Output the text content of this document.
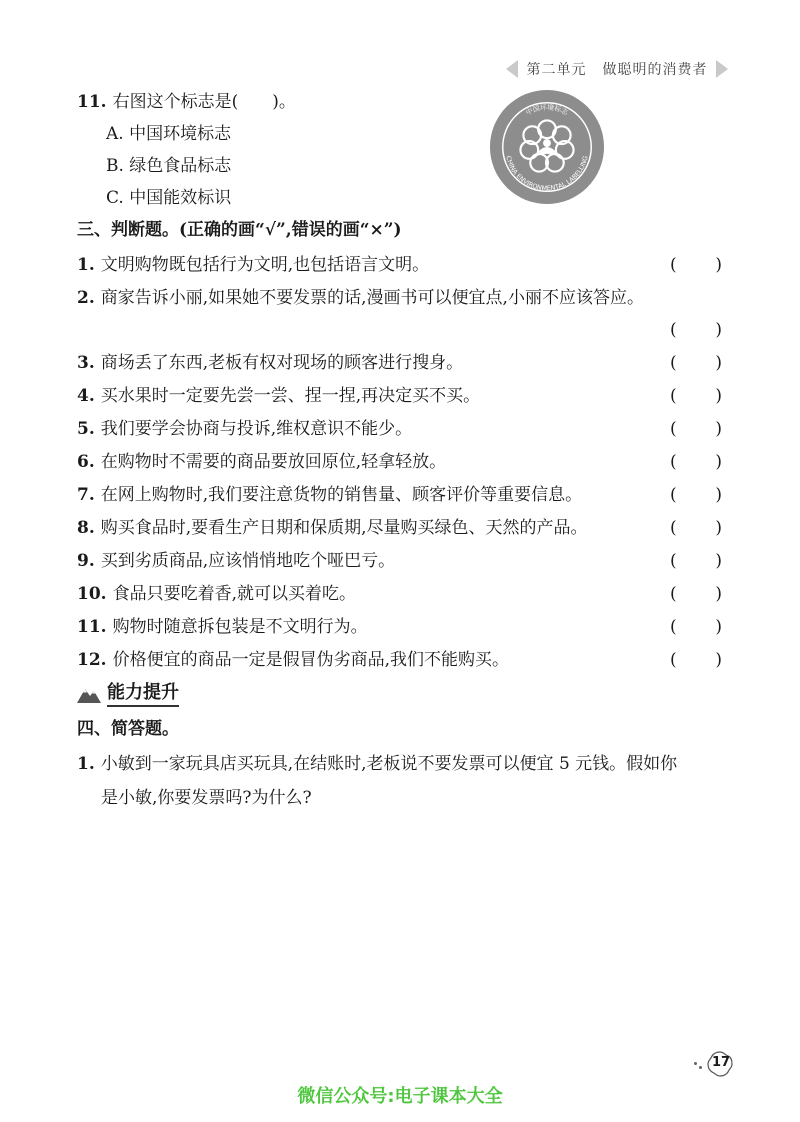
第二单元 做聪明的消费者
11. 右图这个标志是(　　)。
A. 中国环境标志
B. 绿色食品标志
C. 中国能效标识
中国环境标志
CHINA ENVIRONMENTAL LABELLING
三、判断题。(正确的画“√”,错误的画“×”)
1. 文明购物既包括行为文明,也包括语言文明。	( )
2. 商家告诉小丽,如果她不要发票的话,漫画书可以便宜点,小丽不应该答应。
( )
3. 商场丢了东西,老板有权对现场的顾客进行搜身。	( )
4. 买水果时一定要先尝一尝、捏一捏,再决定买不买。	( )
5. 我们要学会协商与投诉,维权意识不能少。	( )
6. 在购物时不需要的商品要放回原位,轻拿轻放。	( )
7. 在网上购物时,我们要注意货物的销售量、顾客评价等重要信息。	( )
8. 购买食品时,要看生产日期和保质期,尽量购买绿色、天然的产品。	( )
9. 买到劣质商品,应该悄悄地吃个哑巴亏。	( )
10. 食品只要吃着香,就可以买着吃。	( )
11. 购物时随意拆包装是不文明行为。	( )
12. 价格便宜的商品一定是假冒伪劣商品,我们不能购买。	( )
能力提升
四、简答题。
1. 小敏到一家玩具店买玩具,在结账时,老板说不要发票可以便宜 5 元钱。假如你
是小敏,你要发票吗?为什么?
17
微信公众号:电子课本大全
